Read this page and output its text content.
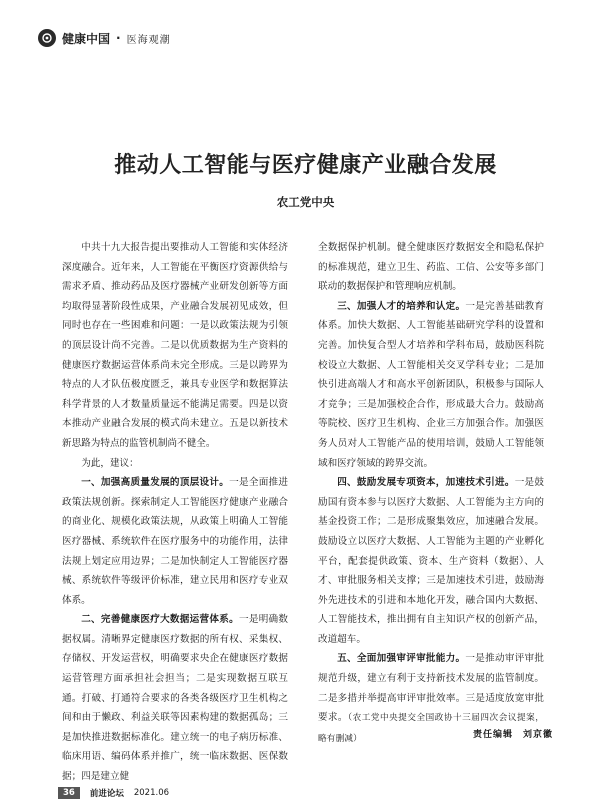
健康中国 · 医海观潮
推动人工智能与医疗健康产业融合发展
农工党中央

中共十九大报告提出要推动人工智能和实体经济深度融合。近年来，人工智能在平衡医疗资源供给与需求矛盾、推动药品及医疗器械产业研发创新等方面均取得显著阶段性成果，产业融合发展初见成效，但同时也存在一些困难和问题：一是以政策法规为引领的顶层设计尚不完善。二是以优质数据为生产资料的健康医疗数据运营体系尚未完全形成。三是以跨界为特点的人才队伍极度匮乏，兼具专业医学和数据算法科学背景的人才数量质量远不能满足需要。四是以资本推动产业融合发展的模式尚未建立。五是以新技术新思路为特点的监管机制尚不健全。

为此，建议：

一、加强高质量发展的顶层设计。一是全面推进政策法规创新。探索制定人工智能医疗健康产业融合的商业化、规模化政策法规，从政策上明确人工智能医疗器械、系统软件在医疗服务中的功能作用，法律法规上划定应用边界；二是加快制定人工智能医疗器械、系统软件等级评价标准，建立民用和医疗专业双体系。

二、完善健康医疗大数据运营体系。一是明确数据权属。清晰界定健康医疗数据的所有权、采集权、存储权、开发运营权，明确要求央企在健康医疗数据运营管理方面承担社会担当；二是实现数据互联互通。打破、打通符合要求的各类各级医疗卫生机构之间和由于懒政、利益关联等因素构建的数据孤岛；三是加快推进数据标准化。建立统一的电子病历标准、临床用语、编码体系并推广，统一临床数据、医保数据；四是建立健

全数据保护机制。健全健康医疗数据安全和隐私保护的标准规范，建立卫生、药监、工信、公安等多部门联动的数据保护和管理响应机制。

三、加强人才的培养和认定。一是完善基础教育体系。加快大数据、人工智能基础研究学科的设置和完善。加快复合型人才培养和学科布局，鼓励医科院校设立大数据、人工智能相关交叉学科专业；二是加快引进高端人才和高水平创新团队，积极参与国际人才竞争；三是加强校企合作，形成最大合力。鼓励高等院校、医疗卫生机构、企业三方加强合作。加强医务人员对人工智能产品的使用培训，鼓励人工智能领域和医疗领域的跨界交流。

四、鼓励发展专项资本，加速技术引进。一是鼓励国有资本参与以医疗大数据、人工智能为主方向的基金投资工作；二是形成聚集效应，加速融合发展。鼓励设立以医疗大数据、人工智能为主题的产业孵化平台，配套提供政策、资本、生产资料（数据）、人才、审批服务相关支撑；三是加速技术引进，鼓励海外先进技术的引进和本地化开发，融合国内大数据、人工智能技术，推出拥有自主知识产权的创新产品，改道超车。

五、全面加强审评审批能力。一是推动审评审批规范升级，建立有利于支持新技术发展的监管制度。二是多措并举提高审评审批效率。三是适度放宽审批要求。（农工党中央提交全国政协十三届四次会议提案，略有删减）	责任编辑　刘京徽
36	前进论坛 2021.06
